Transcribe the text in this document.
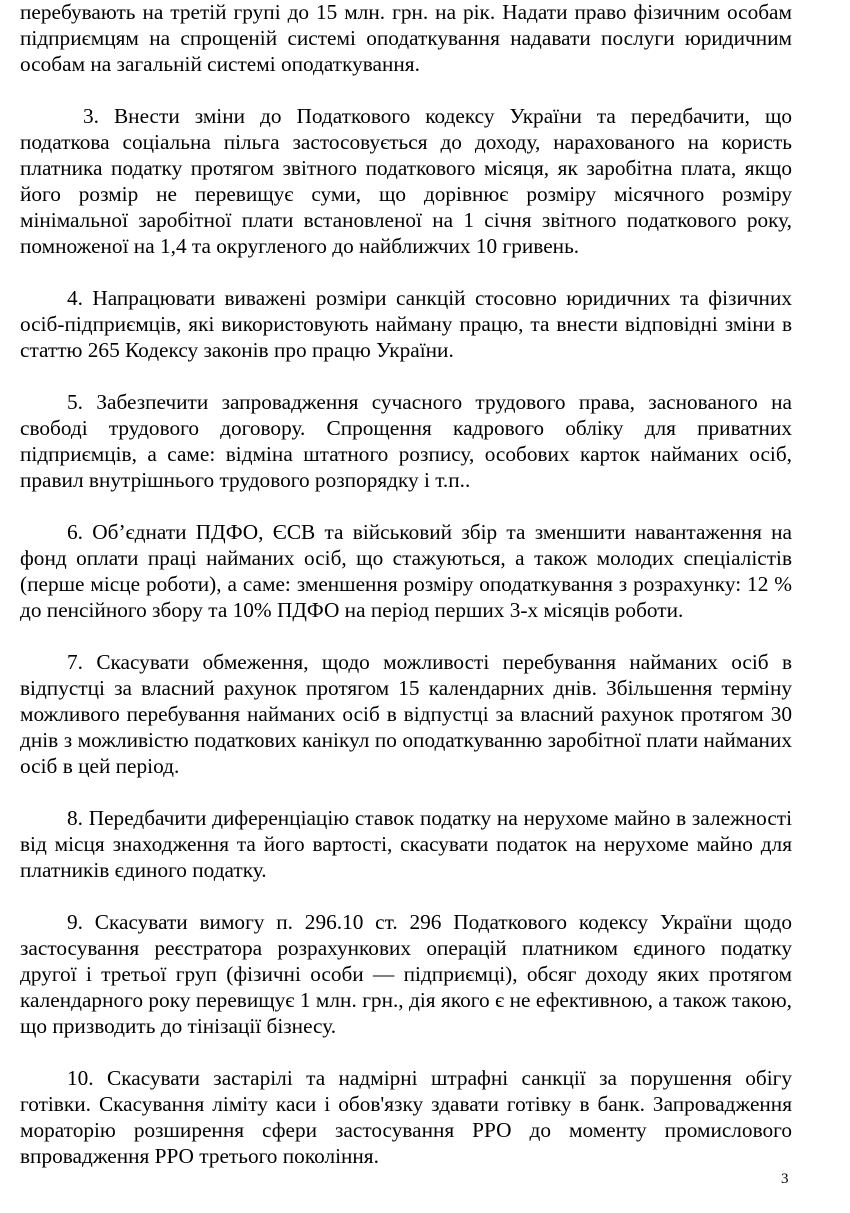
перебувають на третій групі до 15 млн. грн. на рік. Надати право фізичним особам підприємцям на спрощеній системі оподаткування надавати послуги юридичним особам на загальній системі оподаткування.

3. Внести зміни до Податкового кодексу України та передбачити, що податкова соціальна пільга застосовується до доходу, нарахованого на користь платника податку протягом звітного податкового місяця, як заробітна плата, якщо його розмір не перевищує суми, що дорівнює розміру місячного розміру мінімальної заробітної плати встановленої на 1 січня звітного податкового року, помноженої на 1,4 та округленого до найближчих 10 гривень.

4. Напрацювати виважені розміри санкцій стосовно юридичних та фізичних осіб-підприємців, які використовують найману працю, та внести відповідні зміни в статтю 265 Кодексу законів про працю України.

5. Забезпечити запровадження сучасного трудового права, заснованого на свободі трудового договору. Спрощення кадрового обліку для приватних підприємців, а саме: відміна штатного розпису, особових карток найманих осіб, правил внутрішнього трудового розпорядку і т.п..

6. Об’єднати ПДФО, ЄСВ та військовий збір та зменшити навантаження на фонд оплати праці найманих осіб, що стажуються, а також молодих спеціалістів (перше місце роботи), а саме: зменшення розміру оподаткування з розрахунку: 12 % до пенсійного збору та 10% ПДФО на період перших 3-х місяців роботи.

7. Скасувати обмеження, щодо можливості перебування найманих осіб в відпустці за власний рахунок протягом 15 календарних днів. Збільшення терміну можливого перебування найманих осіб в відпустці за власний рахунок протягом 30 днів з можливістю податкових канікул по оподаткуванню заробітної плати найманих осіб в цей період.

8. Передбачити диференціацію ставок податку на нерухоме майно в залежності від місця знаходження та його вартості, скасувати податок на нерухоме майно для платників єдиного податку.

9. Скасувати вимогу п. 296.10 ст. 296 Податкового кодексу України щодо застосування реєстратора розрахункових операцій платником єдиного податку другої і третьої груп (фізичні особи — підприємці), обсяг доходу яких протягом календарного року перевищує 1 млн. грн., дія якого є не ефективною, а також такою, що призводить до тінізації бізнесу.

10. Скасувати застарілі та надмірні штрафні санкції за порушення обігу готівки. Скасування ліміту каси і обов'язку здавати готівку в банк. Запровадження мораторію розширення сфери застосування РРО до моменту промислового впровадження РРО третього покоління.

3
